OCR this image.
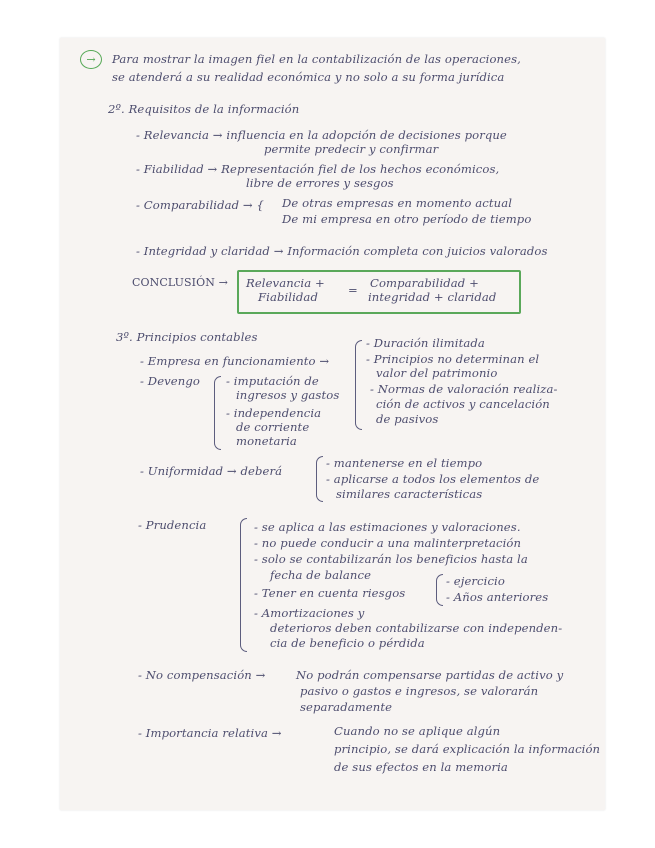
→	Para mostrar la imagen fiel en la contabilización de las operaciones,
se atenderá a su realidad económica y no solo a su forma jurídica
2º. Requisitos de la información
- Relevancia → influencia en la adopción de decisiones porque
permite predecir y confirmar
- Fiabilidad → Representación fiel de los hechos económicos,
libre de errores y sesgos
- Comparabilidad → { De otras empresas en momento actual
De mi empresa en otro período de tiempo
- Integridad y claridad → Información completa con juicios valorados
CONCLUSIÓN → Relevancia +
Fiabilidad	= Comparabilidad +
integridad + claridad
3º. Principios contables
- Empresa en funcionamiento →
- Duración ilimitada
- Principios no determinan el
valor del patrimonio
- Normas de valoración realiza-
ción de activos y cancelación
de pasivos
- Devengo - imputación de
ingresos y gastos
- independencia
de corriente
monetaria
- Uniformidad → deberá
- mantenerse en el tiempo
- aplicarse a todos los elementos de
similares características
- Prudencia	- se aplica a las estimaciones y valoraciones.
- no puede conducir a una malinterpretación
- solo se contabilizarán los beneficios hasta la
fecha de balance
- Tener en cuenta riesgos
- ejercicio
- Años anteriores
- Amortizaciones y
deterioros deben contabilizarse con independen-
cia de beneficio o pérdida
- No compensación →	No podrán compensarse partidas de activo y
pasivo o gastos e ingresos, se valorarán
separadamente
- Importancia relativa →	Cuando no se aplique algún
principio, se dará explicación la información
de sus efectos en la memoria
